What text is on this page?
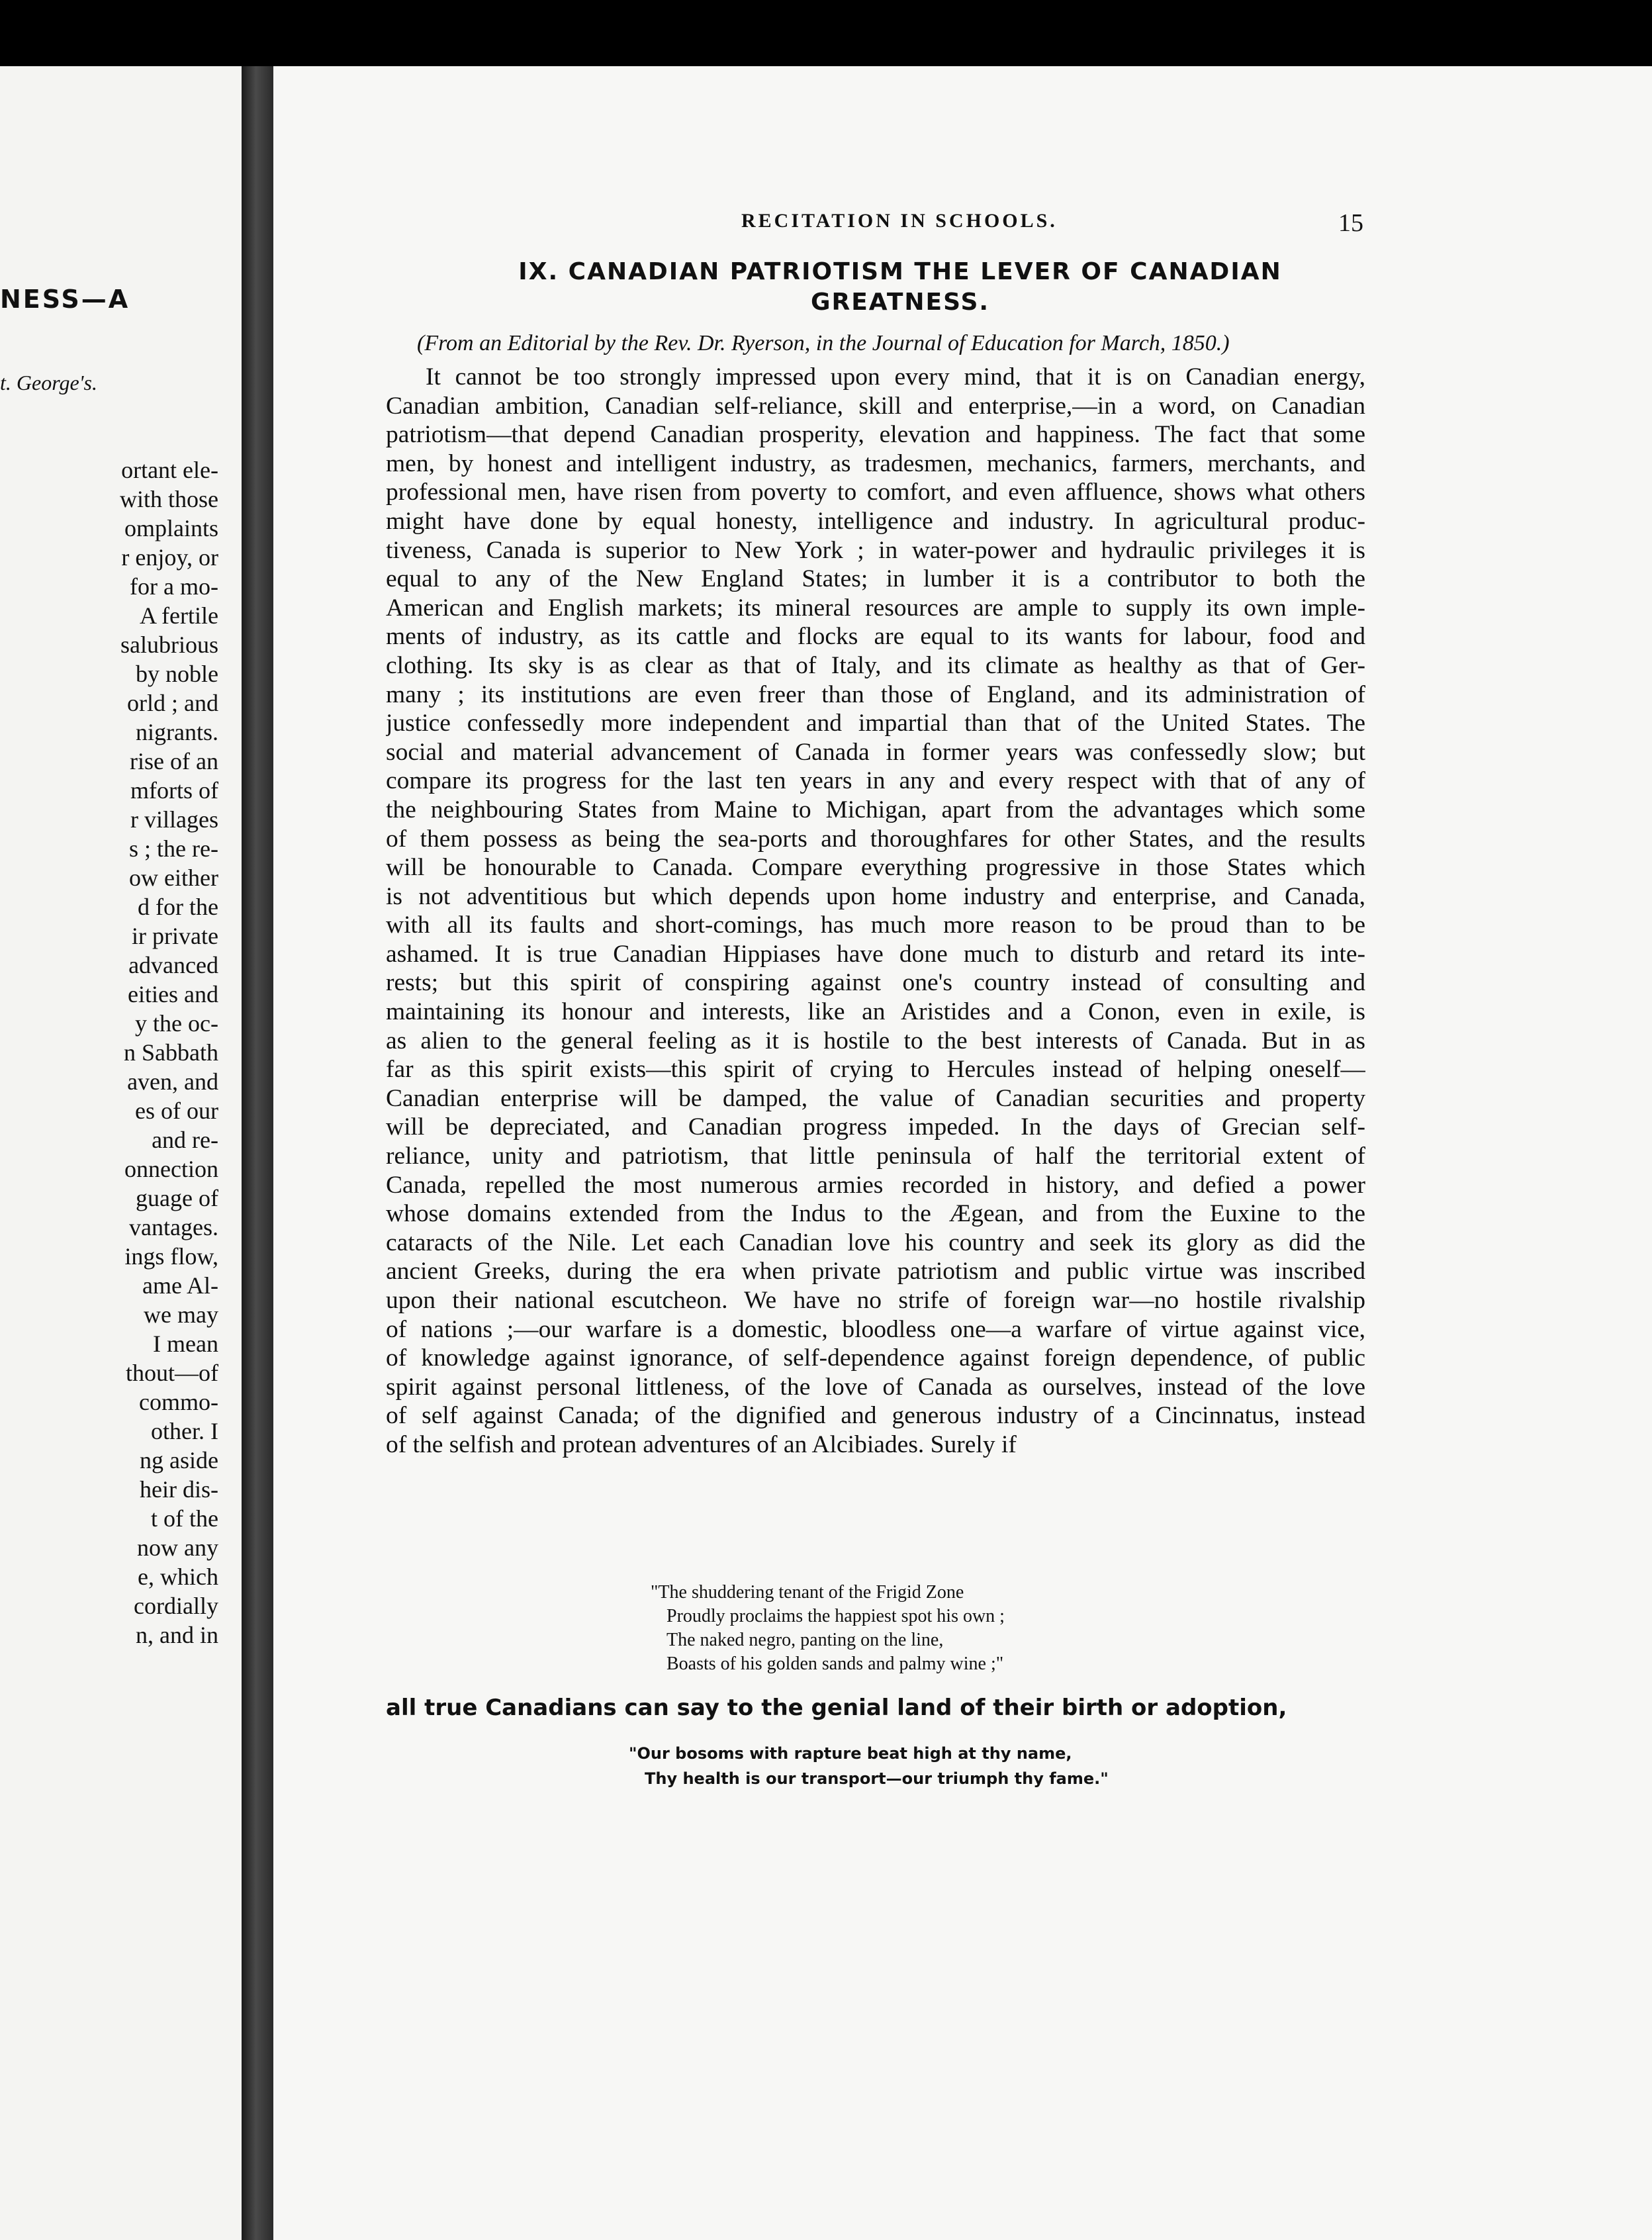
NESS—A
t. George's.
ortant ele-
with those
omplaints
r enjoy, or
for a mo-
A fertile
salubrious
by noble
orld ; and
nigrants.
rise of an
mforts of
r villages
s ; the re-
ow either
d for the
ir private
advanced
eities and
y the oc-
n Sabbath
aven, and
es of our
and re-
onnection
guage of
vantages.
ings flow,
ame Al-
we may
I mean
thout—of
commo-
other. I
ng aside
heir dis-
t of the
now any
e, which
cordially
n, and in
RECITATION IN SCHOOLS.	15
IX. CANADIAN PATRIOTISM THE LEVER OF CANADIAN
GREATNESS.
(From an Editorial by the Rev. Dr. Ryerson, in the Journal of Education for March, 1850.)
It cannot be too strongly impressed upon every mind, that it is on Canadian energy,
Canadian ambition, Canadian self-reliance, skill and enterprise,—in a word, on Canadian
patriotism—that depend Canadian prosperity, elevation and happiness. The fact that some
men, by honest and intelligent industry, as tradesmen, mechanics, farmers, merchants, and
professional men, have risen from poverty to comfort, and even affluence, shows what others
might have done by equal honesty, intelligence and industry. In agricultural produc-
tiveness, Canada is superior to New York ; in water-power and hydraulic privileges it is
equal to any of the New England States; in lumber it is a contributor to both the
American and English markets; its mineral resources are ample to supply its own imple-
ments of industry, as its cattle and flocks are equal to its wants for labour, food and
clothing. Its sky is as clear as that of Italy, and its climate as healthy as that of Ger-
many ; its institutions are even freer than those of England, and its administration of
justice confessedly more independent and impartial than that of the United States. The
social and material advancement of Canada in former years was confessedly slow; but
compare its progress for the last ten years in any and every respect with that of any of
the neighbouring States from Maine to Michigan, apart from the advantages which some
of them possess as being the sea-ports and thoroughfares for other States, and the results
will be honourable to Canada. Compare everything progressive in those States which
is not adventitious but which depends upon home industry and enterprise, and Canada,
with all its faults and short-comings, has much more reason to be proud than to be
ashamed. It is true Canadian Hippiases have done much to disturb and retard its inte-
rests; but this spirit of conspiring against one's country instead of consulting and
maintaining its honour and interests, like an Aristides and a Conon, even in exile, is
as alien to the general feeling as it is hostile to the best interests of Canada. But in as
far as this spirit exists—this spirit of crying to Hercules instead of helping oneself—
Canadian enterprise will be damped, the value of Canadian securities and property
will be depreciated, and Canadian progress impeded. In the days of Grecian self-
reliance, unity and patriotism, that little peninsula of half the territorial extent of
Canada, repelled the most numerous armies recorded in history, and defied a power
whose domains extended from the Indus to the Ægean, and from the Euxine to the
cataracts of the Nile. Let each Canadian love his country and seek its glory as did the
ancient Greeks, during the era when private patriotism and public virtue was inscribed
upon their national escutcheon. We have no strife of foreign war—no hostile rivalship
of nations ;—our warfare is a domestic, bloodless one—a warfare of virtue against vice,
of knowledge against ignorance, of self-dependence against foreign dependence, of public
spirit against personal littleness, of the love of Canada as ourselves, instead of the love
of self against Canada; of the dignified and generous industry of a Cincinnatus, instead
of the selfish and protean adventures of an Alcibiades. Surely if
"The shuddering tenant of the Frigid Zone
Proudly proclaims the happiest spot his own ;
The naked negro, panting on the line,
Boasts of his golden sands and palmy wine ;"
all true Canadians can say to the genial land of their birth or adoption,
"Our bosoms with rapture beat high at thy name,
Thy health is our transport—our triumph thy fame."
